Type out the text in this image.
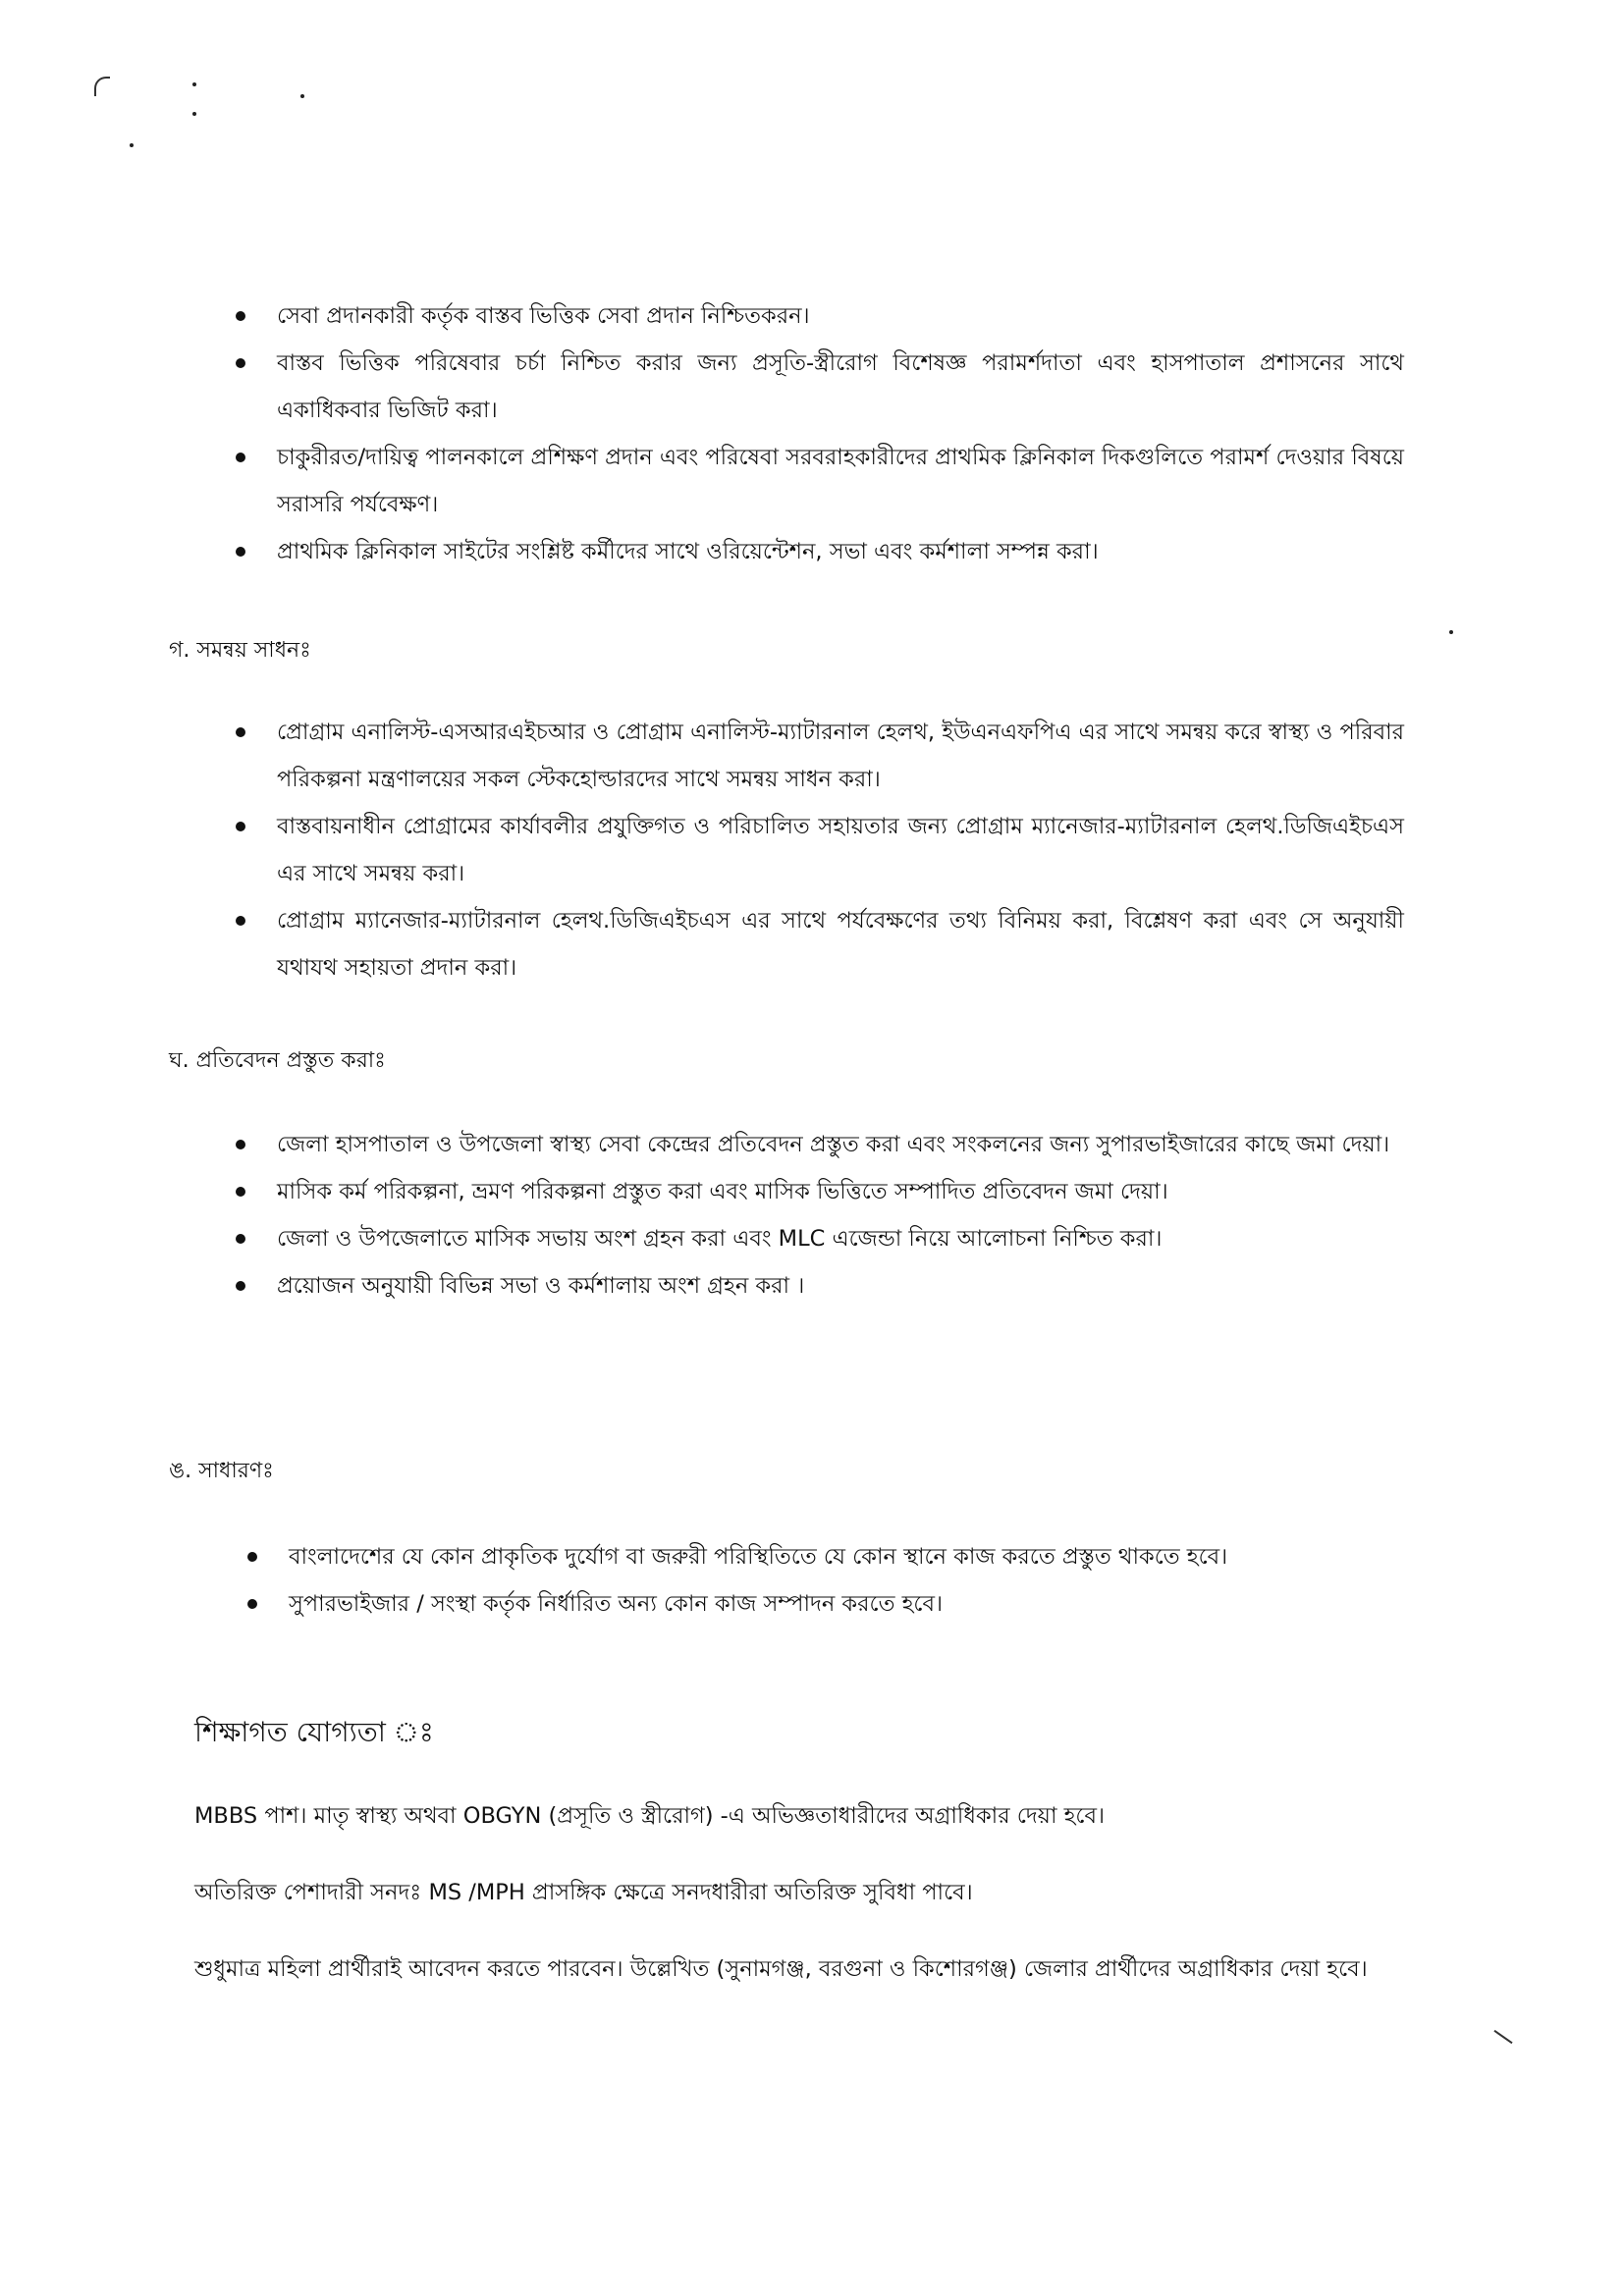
সেবা প্রদানকারী কর্তৃক বাস্তব ভিত্তিক সেবা প্রদান নিশ্চিতকরন।
বাস্তব ভিত্তিক পরিষেবার চর্চা নিশ্চিত করার জন্য প্রসূতি-স্ত্রীরোগ বিশেষজ্ঞ পরামর্শদাতা এবং হাসপাতাল প্রশাসনের সাথে একাধিকবার ভিজিট করা।
চাকুরীরত/দায়িত্ব পালনকালে প্রশিক্ষণ প্রদান এবং পরিষেবা সরবরাহকারীদের প্রাথমিক ক্লিনিকাল দিকগুলিতে পরামর্শ দেওয়ার বিষয়ে সরাসরি পর্যবেক্ষণ।
প্রাথমিক ক্লিনিকাল সাইটের সংশ্লিষ্ট কর্মীদের সাথে ওরিয়েন্টেশন, সভা এবং কর্মশালা সম্পন্ন করা।
গ. সমন্বয় সাধনঃ
প্রোগ্রাম এনালিস্ট-এসআরএইচআর ও প্রোগ্রাম এনালিস্ট-ম্যাটারনাল হেলথ, ইউএনএফপিএ এর সাথে সমন্বয় করে স্বাস্থ্য ও পরিবার পরিকল্পনা মন্ত্রণালয়ের সকল স্টেকহোল্ডারদের সাথে সমন্বয় সাধন করা।
বাস্তবায়নাধীন প্রোগ্রামের কার্যাবলীর প্রযুক্তিগত ও পরিচালিত সহায়তার জন্য প্রোগ্রাম ম্যানেজার-ম্যাটারনাল হেলথ.ডিজিএইচএস এর সাথে সমন্বয় করা।
প্রোগ্রাম ম্যানেজার-ম্যাটারনাল হেলথ.ডিজিএইচএস এর সাথে পর্যবেক্ষণের তথ্য বিনিময় করা, বিশ্লেষণ করা এবং সে অনুযায়ী যথাযথ সহায়তা প্রদান করা।
ঘ. প্রতিবেদন প্রস্তুত করাঃ
জেলা হাসপাতাল ও উপজেলা স্বাস্থ্য সেবা কেন্দ্রের প্রতিবেদন প্রস্তুত করা এবং সংকলনের জন্য সুপারভাইজারের কাছে জমা দেয়া।
মাসিক কর্ম পরিকল্পনা, ভ্রমণ পরিকল্পনা প্রস্তুত করা এবং মাসিক ভিত্তিতে সম্পাদিত প্রতিবেদন জমা দেয়া।
জেলা ও উপজেলাতে মাসিক সভায় অংশ গ্রহন করা এবং MLC এজেন্ডা নিয়ে আলোচনা নিশ্চিত করা।
প্রয়োজন অনুযায়ী বিভিন্ন সভা ও কর্মশালায় অংশ গ্রহন করা ।
ঙ. সাধারণঃ
বাংলাদেশের যে কোন প্রাকৃতিক দুর্যোগ বা জরুরী পরিস্থিতিতে যে কোন স্থানে কাজ করতে প্রস্তুত থাকতে হবে।
সুপারভাইজার / সংস্থা কর্তৃক নির্ধারিত অন্য কোন কাজ সম্পাদন করতে হবে।
শিক্ষাগত যোগ্যতা ঃ
MBBS পাশ। মাতৃ স্বাস্থ্য অথবা OBGYN (প্রসূতি ও স্ত্রীরোগ) -এ অভিজ্ঞতাধারীদের অগ্রাধিকার দেয়া হবে।
অতিরিক্ত পেশাদারী সনদঃ MS /MPH প্রাসঙ্গিক ক্ষেত্রে সনদধারীরা অতিরিক্ত সুবিধা পাবে।
শুধুমাত্র মহিলা প্রার্থীরাই আবেদন করতে পারবেন। উল্লেখিত (সুনামগঞ্জ, বরগুনা ও কিশোরগঞ্জ) জেলার প্রার্থীদের অগ্রাধিকার দেয়া হবে।
